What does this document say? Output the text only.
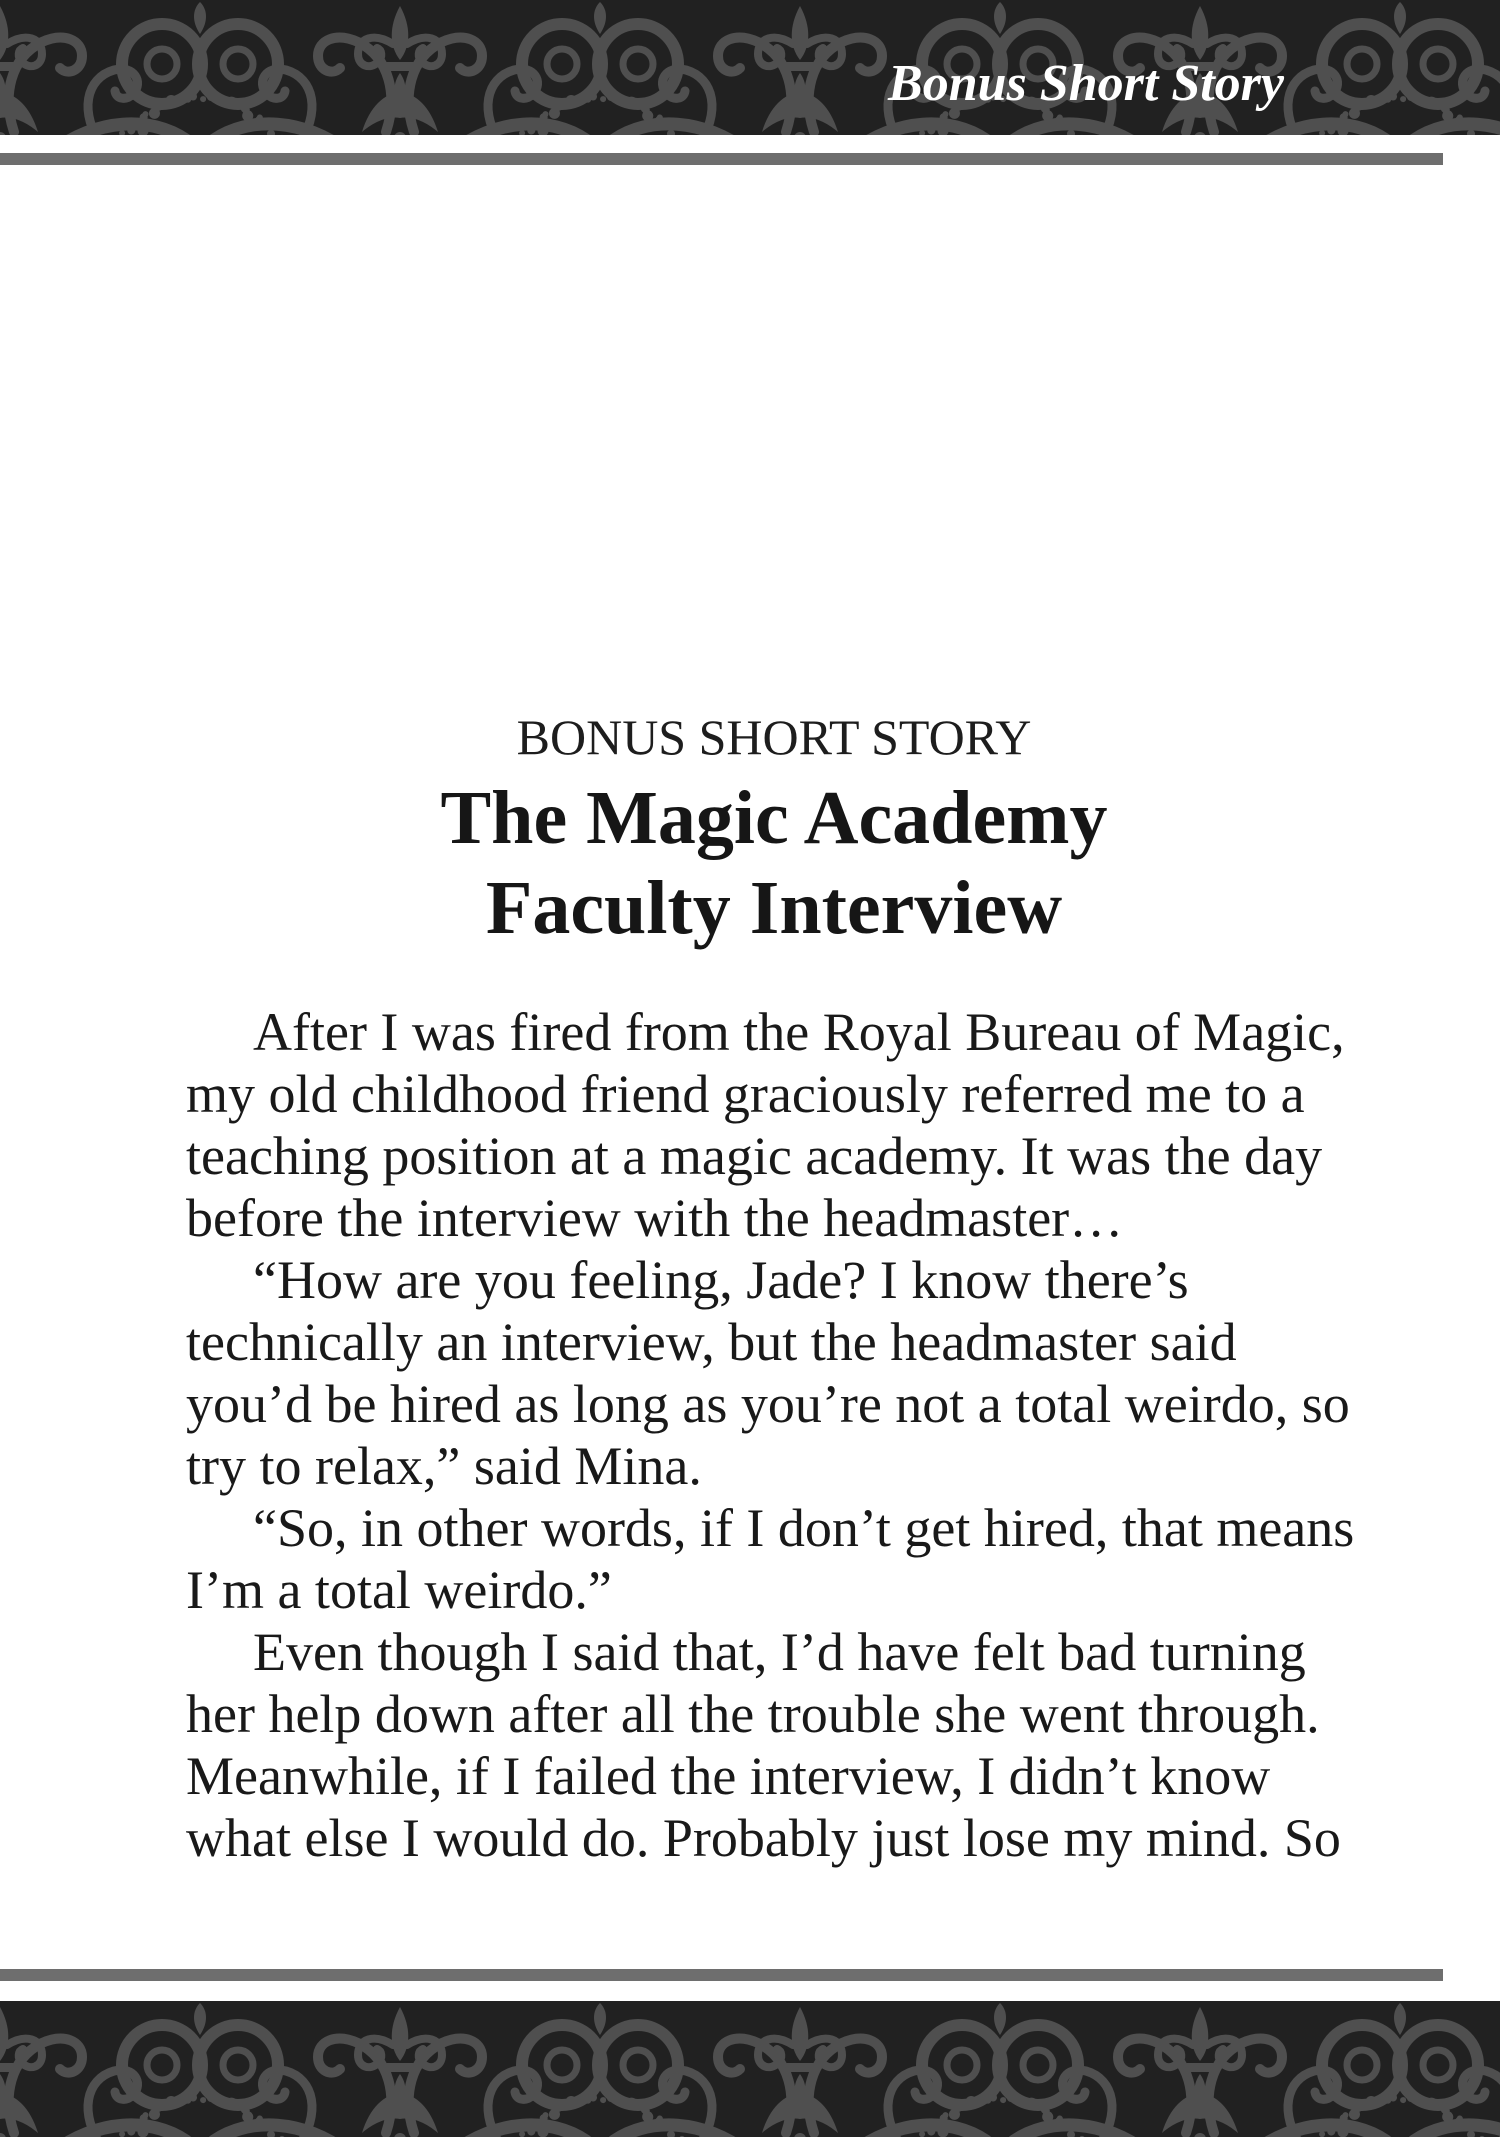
Bonus Short Story
BONUS SHORT STORY
The Magic Academy
Faculty Interview

After I was fired from the Royal Bureau of Magic, my old childhood friend graciously referred me to a teaching position at a magic academy. It was the day before the interview with the headmaster…

“How are you feeling, Jade? I know there’s technically an interview, but the headmaster said you’d be hired as long as you’re not a total weirdo, so try to relax,” said Mina.

“So, in other words, if I don’t get hired, that means I’m a total weirdo.”

Even though I said that, I’d have felt bad turning her help down after all the trouble she went through. Meanwhile, if I failed the interview, I didn’t know what else I would do. Probably just lose my mind. So
